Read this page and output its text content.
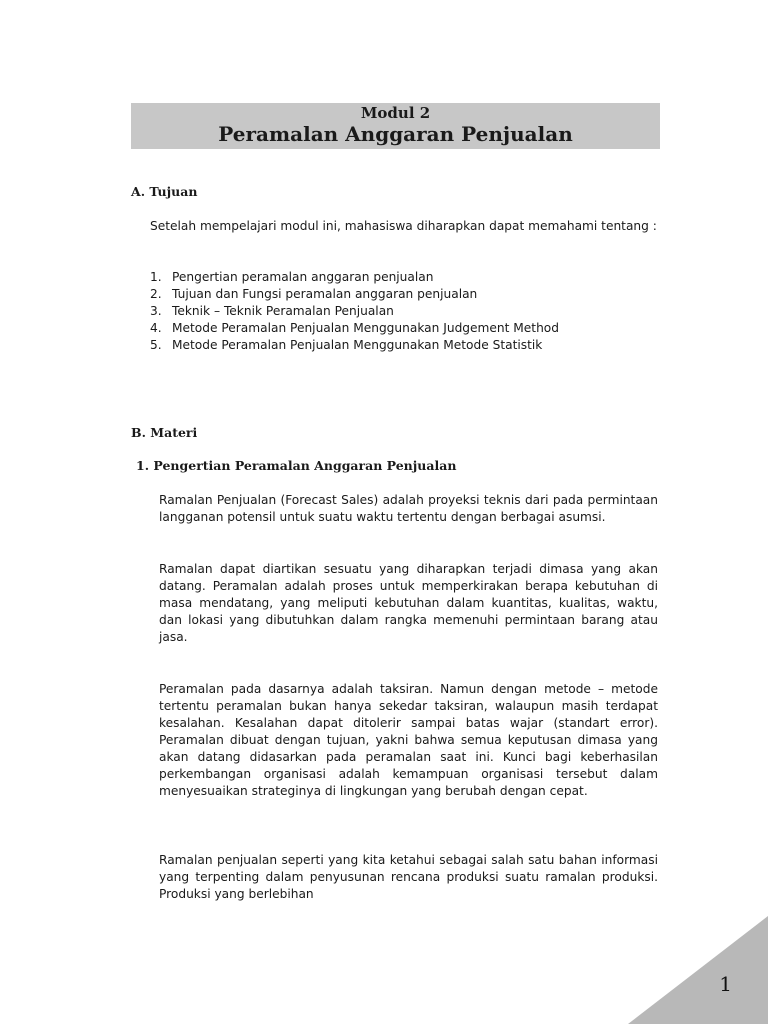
Modul 2
Peramalan Anggaran Penjualan
A. Tujuan

Setelah mempelajari modul ini, mahasiswa diharapkan dapat memahami tentang :

1. Pengertian peramalan anggaran penjualan
2. Tujuan dan Fungsi peramalan anggaran penjualan
3. Teknik – Teknik Peramalan Penjualan
4. Metode Peramalan Penjualan Menggunakan Judgement Method
5. Metode Peramalan Penjualan Menggunakan Metode Statistik
B. Materi
1. Pengertian Peramalan Anggaran Penjualan

Ramalan Penjualan (Forecast Sales) adalah proyeksi teknis dari pada permintaan langganan potensil untuk suatu waktu tertentu dengan berbagai asumsi.

Ramalan dapat diartikan sesuatu yang diharapkan terjadi dimasa yang akan datang. Peramalan adalah proses untuk memperkirakan berapa kebutuhan di masa mendatang, yang meliputi kebutuhan dalam kuantitas, kualitas, waktu, dan lokasi yang dibutuhkan dalam rangka memenuhi permintaan barang atau jasa.

Peramalan pada dasarnya adalah taksiran. Namun dengan metode – metode tertentu peramalan bukan hanya sekedar taksiran, walaupun masih terdapat kesalahan. Kesalahan dapat ditolerir sampai batas wajar (standart error). Peramalan dibuat dengan tujuan, yakni bahwa semua keputusan dimasa yang akan datang didasarkan pada peramalan saat ini. Kunci bagi keberhasilan perkembangan organisasi adalah kemampuan organisasi tersebut dalam menyesuaikan strateginya di lingkungan yang berubah dengan cepat.

Ramalan penjualan seperti yang kita ketahui sebagai salah satu bahan informasi yang terpenting dalam penyusunan rencana produksi suatu ramalan produksi. Produksi yang berlebihan

1
